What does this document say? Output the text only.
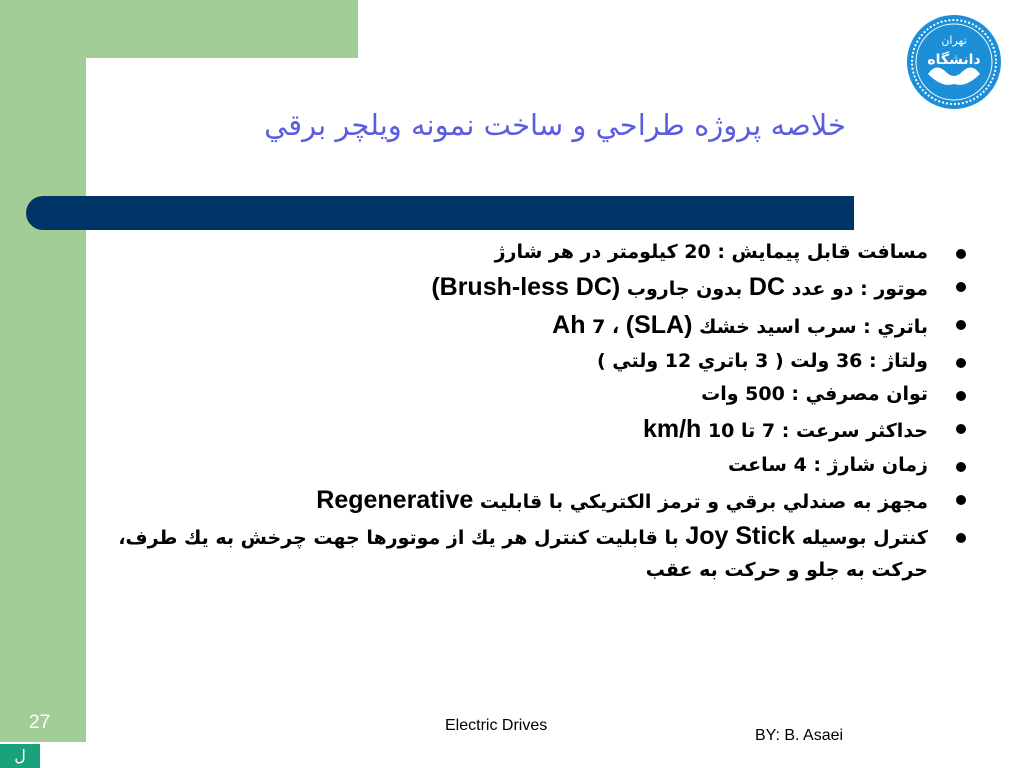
خلاصه پروژه طراحي و ساخت نمونه ويلچر برقي
تهران
دانشگاه
مسافت قابل پيمايش : 20 كيلومتر در هر شارژ
موتور : دو عدد DC بدون جاروب (Brush-less DC)
باتري : سرب اسيد خشك (SLA) ، 7 Ah
ولتاژ : 36 ولت ( 3 باتري 12 ولتي )
توان مصرفي : 500 وات
حداكثر سرعت : 7 تا 10 km/h
زمان شارژ : 4 ساعت
مجهز به صندلي برقي و ترمز الكتريكي با قابليت Regenerative
كنترل بوسيله Joy Stick با قابليت كنترل هر يك از موتورها جهت چرخش به يك طرف، حركت به جلو و حركت به عقب
27	Electric Drives
BY: B. Asaei
ل
